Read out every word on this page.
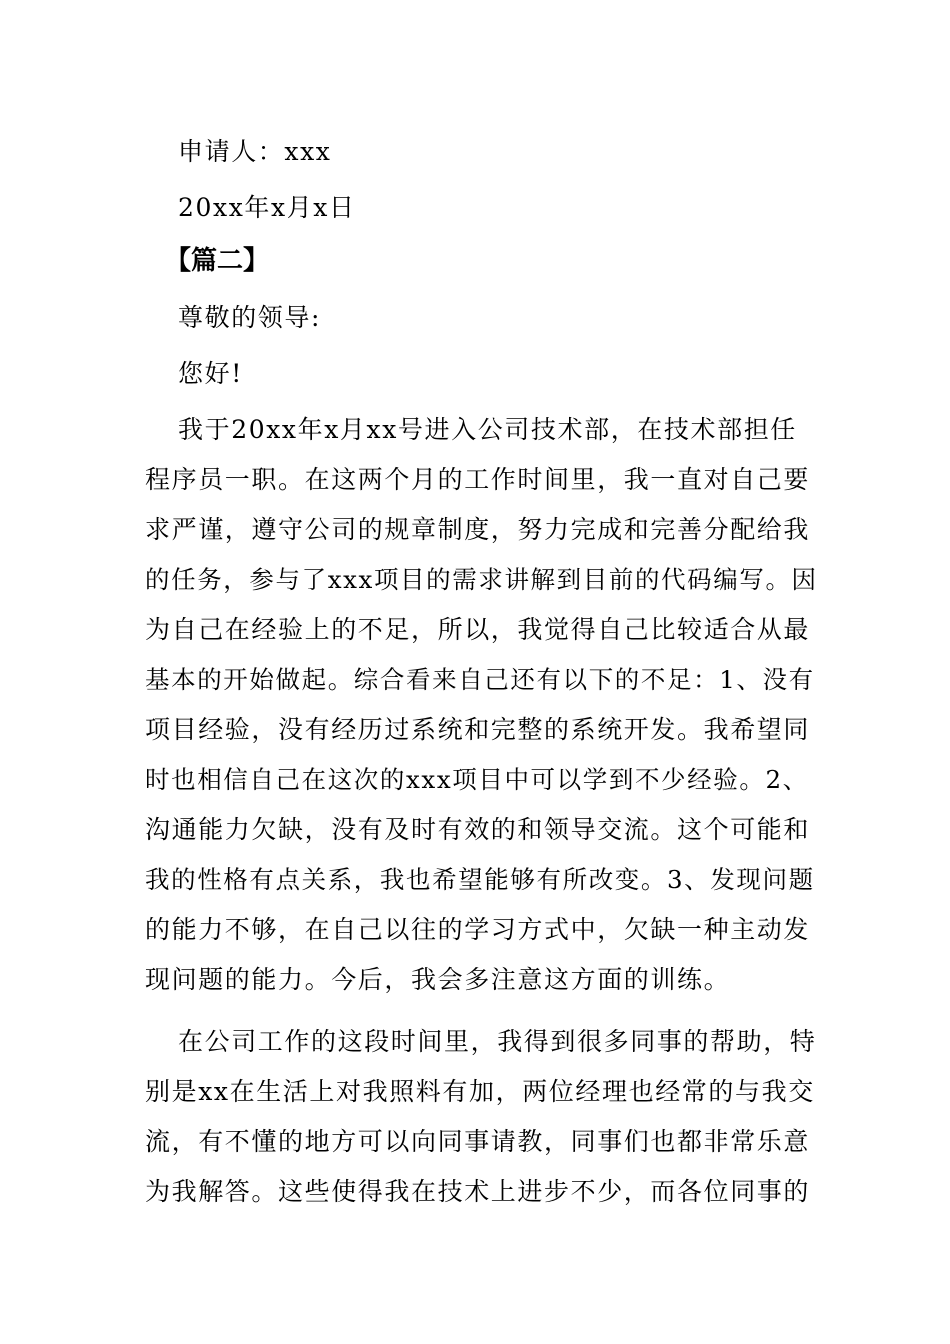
申请人：xxx
20xx年x月x日
【篇二】
尊敬的领导:
您好!
我于20xx年x月xx号进入公司技术部，在技术部担任
程序员一职。在这两个月的工作时间里，我一直对自己要
求严谨，遵守公司的规章制度，努力完成和完善分配给我
的任务，参与了xxx项目的需求讲解到目前的代码编写。因
为自己在经验上的不足，所以，我觉得自己比较适合从最
基本的开始做起。综合看来自己还有以下的不足：1、没有
项目经验，没有经历过系统和完整的系统开发。我希望同
时也相信自己在这次的xxx项目中可以学到不少经验。2、
沟通能力欠缺，没有及时有效的和领导交流。这个可能和
我的性格有点关系，我也希望能够有所改变。3、发现问题
的能力不够，在自己以往的学习方式中，欠缺一种主动发
现问题的能力。今后，我会多注意这方面的训练。
在公司工作的这段时间里，我得到很多同事的帮助，特
别是xx在生活上对我照料有加，两位经理也经常的与我交
流，有不懂的地方可以向同事请教，同事们也都非常乐意
为我解答。这些使得我在技术上进步不少，而各位同事的
